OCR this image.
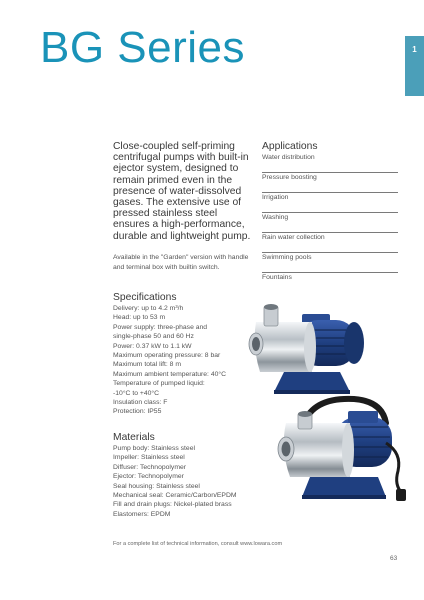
BG Series	1

Close-coupled self-priming centrifugal pumps with built-in ejector system, designed to remain primed even in the presence of water-dissolved gases. The extensive use of pressed stainless steel ensures a high-performance, durable and lightweight pump.

Available in the "Garden" version with handle and terminal box with builtin switch.

Applications
Water distribution
Pressure boosting
Irrigation
Washing
Rain water collection
Swimming pools
Fountains
Specifications
Delivery: up to 4.2 m³/h
Head: up to 53 m
Power supply: three-phase and
single-phase 50 and 60 Hz
Power: 0.37 kW to 1.1 kW
Maximum operating pressure: 8 bar
Maximum total lift: 8 m
Maximum ambient temperature: 40°C
Temperature of pumped liquid:
-10°C to +40°C
Insulation class: F
Protection: IP55
Materials
Pump body: Stainless steel
Impeller: Stainless steel
Diffuser: Technopolymer
Ejector: Technopolymer
Seal housing: Stainless steel
Mechanical seal: Ceramic/Carbon/EPDM
Fill and drain plugs: Nickel-plated brass
Elastomers: EPDM

For a complete list of technical information, consult www.lowara.com

63
